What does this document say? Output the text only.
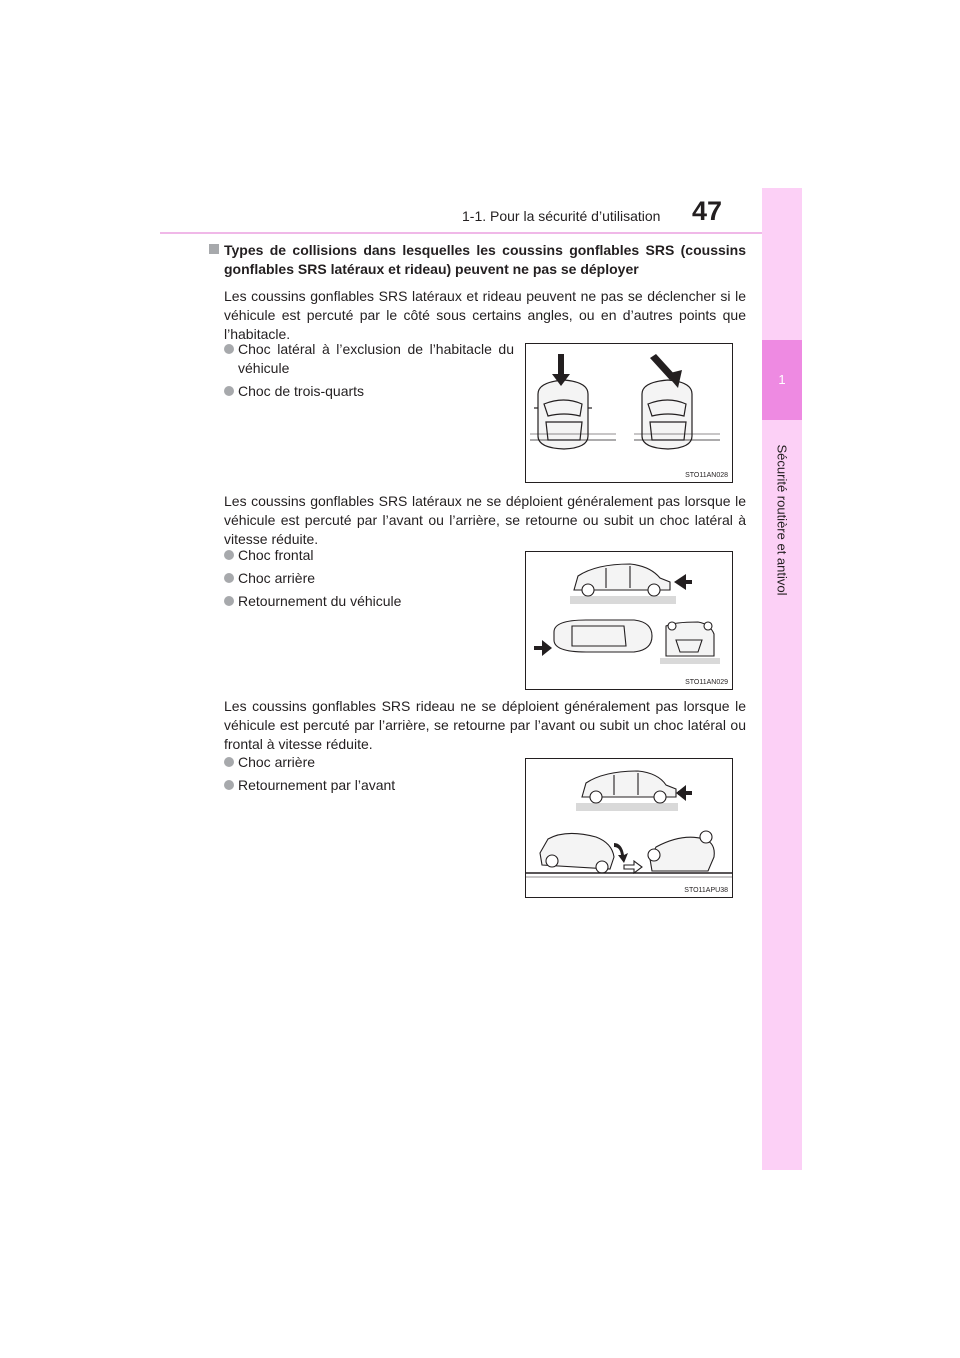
1-1. Pour la sécurité d’utilisation 47
1
Sécurité routière et antivol
Types de collisions dans lesquelles les coussins gonflables SRS (coussins gonflables SRS latéraux et rideau) peuvent ne pas se déployer
Les coussins gonflables SRS latéraux et rideau peuvent ne pas se déclencher si le véhicule est percuté par le côté sous certains angles, ou en d’autres points que l’habitacle.
Choc latéral à l’exclusion de l’habitacle du véhicule
Choc de trois-quarts
STO11AN028
Les coussins gonflables SRS latéraux ne se déploient généralement pas lorsque le véhicule est percuté par l’avant ou l’arrière, se retourne ou subit un choc latéral à vitesse réduite.
Choc frontal
Choc arrière
Retournement du véhicule
STO11AN029
Les coussins gonflables SRS rideau ne se déploient généralement pas lorsque le véhicule est percuté par l’arrière, se retourne par l’avant ou subit un choc latéral ou frontal à vitesse réduite.
Choc arrière
Retournement par l’avant
STO11APU38
